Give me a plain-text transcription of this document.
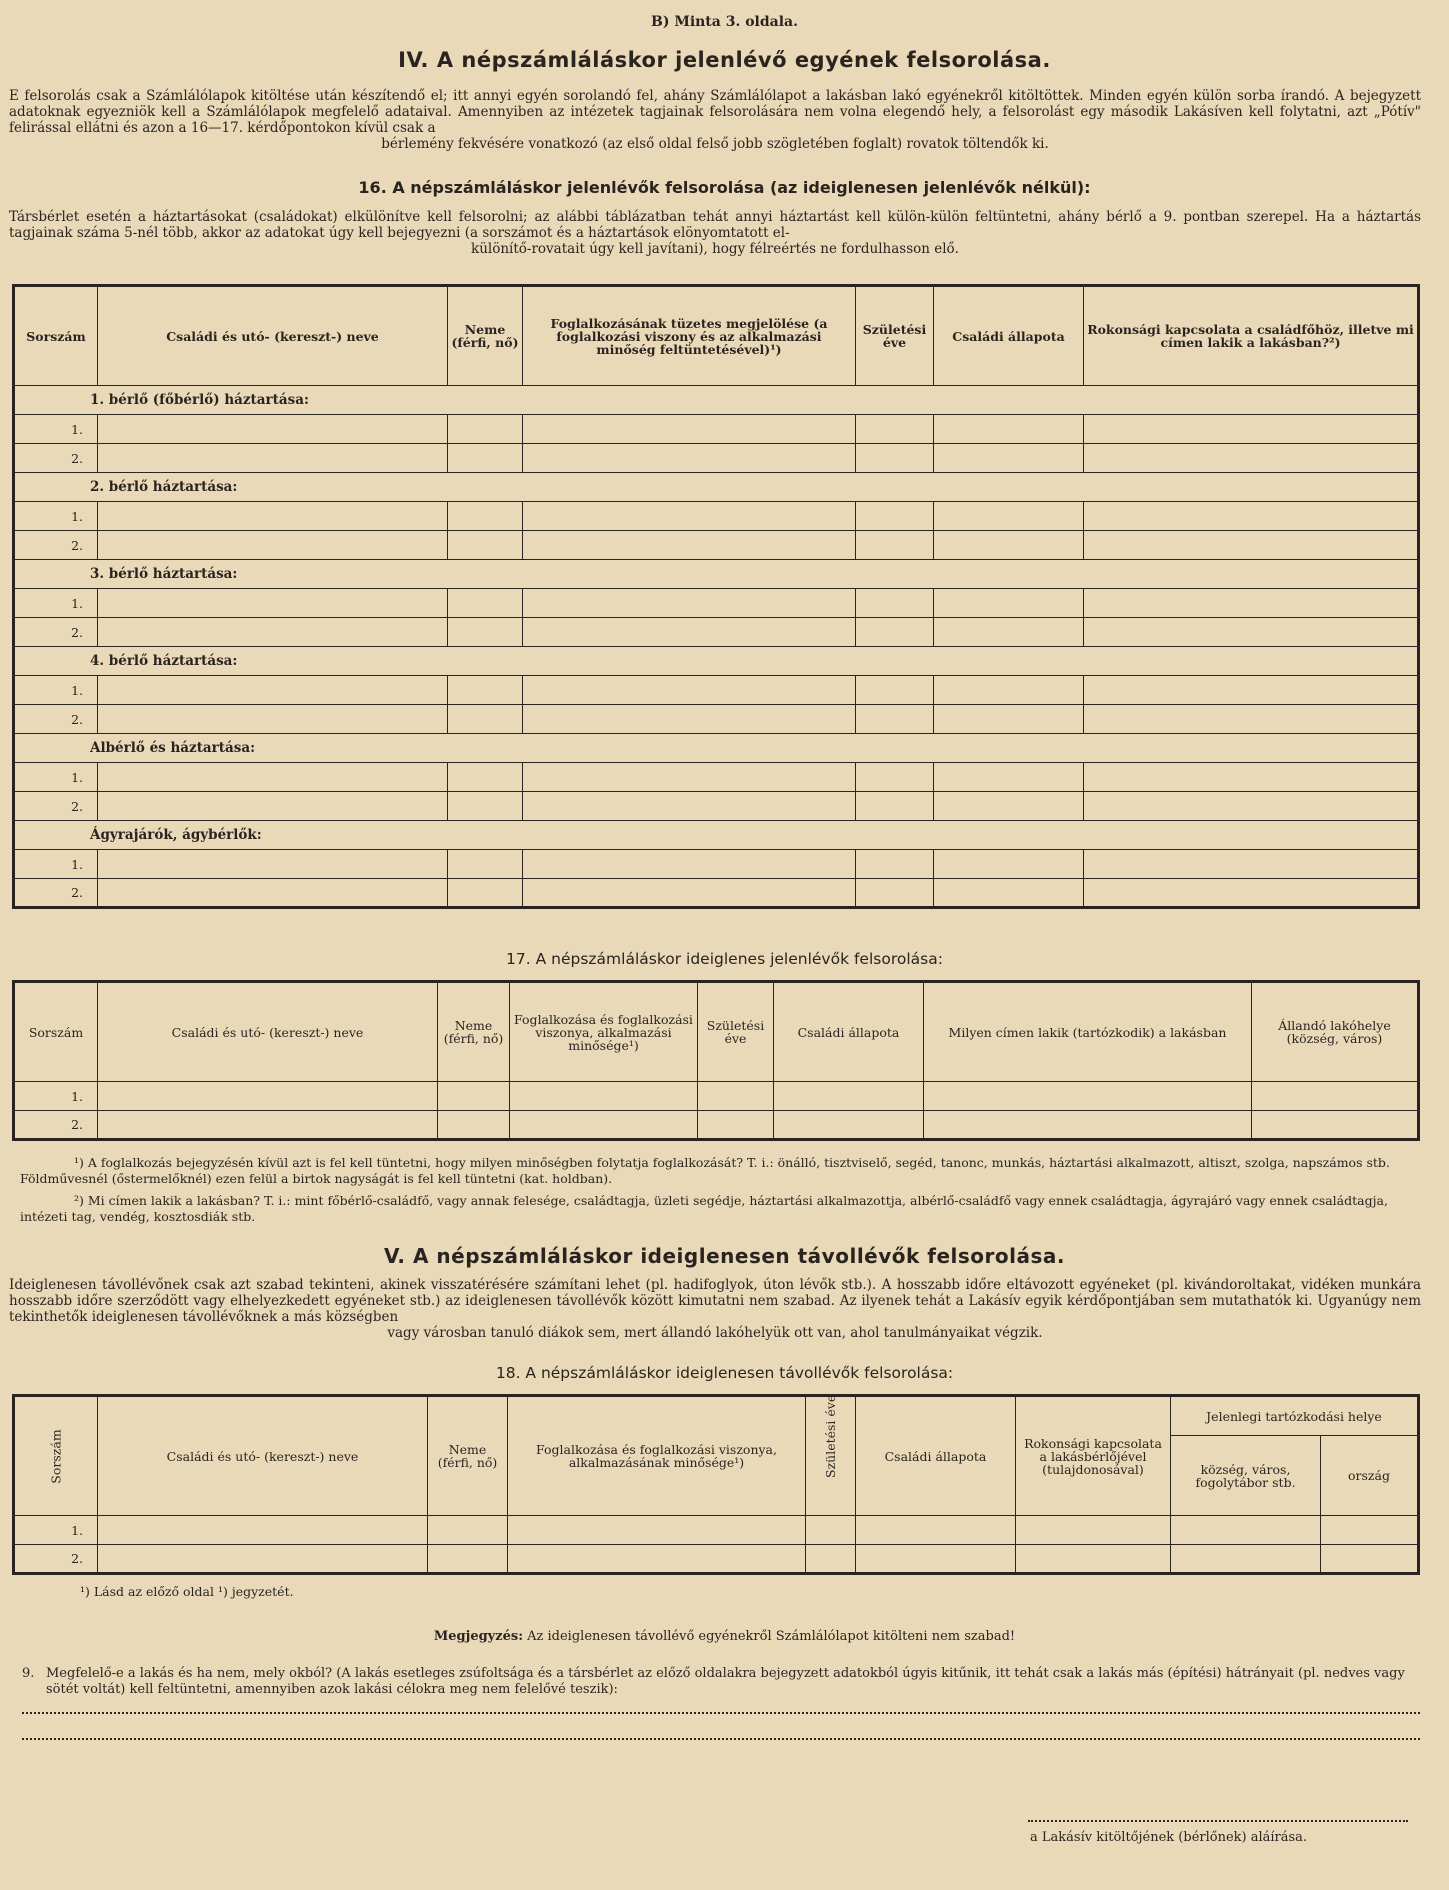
B) Minta 3. oldala.
IV. A népszámláláskor jelenlévő egyének felsorolása.
E felsorolás csak a Számlálólapok kitöltése után készítendő el; itt annyi egyén sorolandó fel, ahány Számlálólapot a lakásban lakó egyénekről kitöltöttek. Minden egyén külön sorba írandó. A bejegyzett adatoknak egyezniök kell a Számlálólapok megfelelő adataival. Amennyiben az intézetek tagjainak felsorolására nem volna elegendő hely, a felsorolást egy második Lakásíven kell folytatni, azt „Pótív" felirással ellátni és azon a 16—17. kérdőpontokon kívül csak a
bérlemény fekvésére vonatkozó (az első oldal felső jobb szögletében foglalt) rovatok töltendők ki.
16. A népszámláláskor jelenlévők felsorolása (az ideiglenesen jelenlévők nélkül):
Társbérlet esetén a háztartásokat (családokat) elkülönítve kell felsorolni; az alábbi táblázatban tehát annyi háztartást kell külön-külön feltüntetni, ahány bérlő a 9. pontban szerepel. Ha a háztartás tagjainak száma 5-nél több, akkor az adatokat úgy kell bejegyezni (a sorszámot és a háztartások elönyomtatott el-
különítő-rovatait úgy kell javítani), hogy félreértés ne fordulhasson elő.
Sorszám	Családi és utó- (kereszt-) neve	Neme (férfi, nő)	Foglalkozásának tüzetes megjelölése (a foglalkozási viszony és az alkalmazási minőség feltüntetésével)¹)	Születési éve	Családi állapota	Rokonsági kapcsolata a családfőhöz, illetve mi címen lakik a lakásban?²)
1. bérlő (főbérlő) háztartása:						
1.						
2.						
2. bérlő háztartása:						
1.						
2.						
3. bérlő háztartása:						
1.						
2.						
4. bérlő háztartása:						
1.						
2.						
Albérlő és háztartása:						
1.						
2.						
Ágyrajárók, ágybérlők:						
1.						
2.						
17. A népszámláláskor ideiglenes jelenlévők felsorolása:
Sorszám	Családi és utó- (kereszt-) neve	Neme (férfi, nő)	Foglalkozása és foglalkozási viszonya, alkalmazási minősége¹)	Születési éve	Családi állapota	Milyen címen lakik (tartózkodik) a lakásban	Állandó lakóhelye (község, város)
1.							
2.							
¹) A foglalkozás bejegyzésén kívül azt is fel kell tüntetni, hogy milyen minőségben folytatja foglalkozását? T. i.: önálló, tisztviselő, segéd, tanonc, munkás, háztartási alkalmazott, altiszt, szolga, napszámos stb. Földművesnél (őstermelőknél) ezen felül a birtok nagyságát is fel kell tüntetni (kat. holdban).
²) Mi címen lakik a lakásban? T. i.: mint főbérlő-családfő, vagy annak felesége, családtagja, üzleti segédje, háztartási alkalmazottja, albérlő-családfő vagy ennek családtagja, ágyrajáró vagy ennek családtagja, intézeti tag, vendég, kosztosdiák stb.
V. A népszámláláskor ideiglenesen távollévők felsorolása.
Ideiglenesen távollévőnek csak azt szabad tekinteni, akinek visszatérésére számítani lehet (pl. hadifoglyok, úton lévők stb.). A hosszabb időre eltávozott egyéneket (pl. kivándoroltakat, vidéken munkára hosszabb időre szerződött vagy elhelyezkedett egyéneket stb.) az ideiglenesen távollévők között kimutatni nem szabad. Az ilyenek tehát a Lakásív egyik kérdőpontjában sem mutathatók ki. Ugyanúgy nem tekinthetők ideiglenesen távollévőknek a más községben
vagy városban tanuló diákok sem, mert állandó lakóhelyük ott van, ahol tanulmányaikat végzik.
18. A népszámláláskor ideiglenesen távollévők felsorolása:
Sorszám	Családi és utó- (kereszt-) neve	Neme (férfi, nő)	Foglalkozása és foglalkozási viszonya, alkalmazásának minősége¹)	Születési éve	Családi állapota	Rokonsági kapcsolata a lakásbérlőjével (tulajdonosával)	Jelenlegi tartózkodási helye	
							község, város, fogolytábor stb.	ország
1.								
2.								
¹) Lásd az előző oldal ¹) jegyzetét.
Megjegyzés: Az ideiglenesen távollévő egyénekről Számlálólapot kitölteni nem szabad!
9. Megfelelő-e a lakás és ha nem, mely okból? (A lakás esetleges zsúfoltsága és a társbérlet az előző oldalakra bejegyzett adatokból úgyis kitűnik, itt tehát csak a lakás más (építési) hátrányait (pl. nedves vagy sötét voltát) kell feltüntetni, amennyiben azok lakási célokra meg nem felelővé teszik):
a Lakásív kitöltőjének (bérlőnek) aláírása.
